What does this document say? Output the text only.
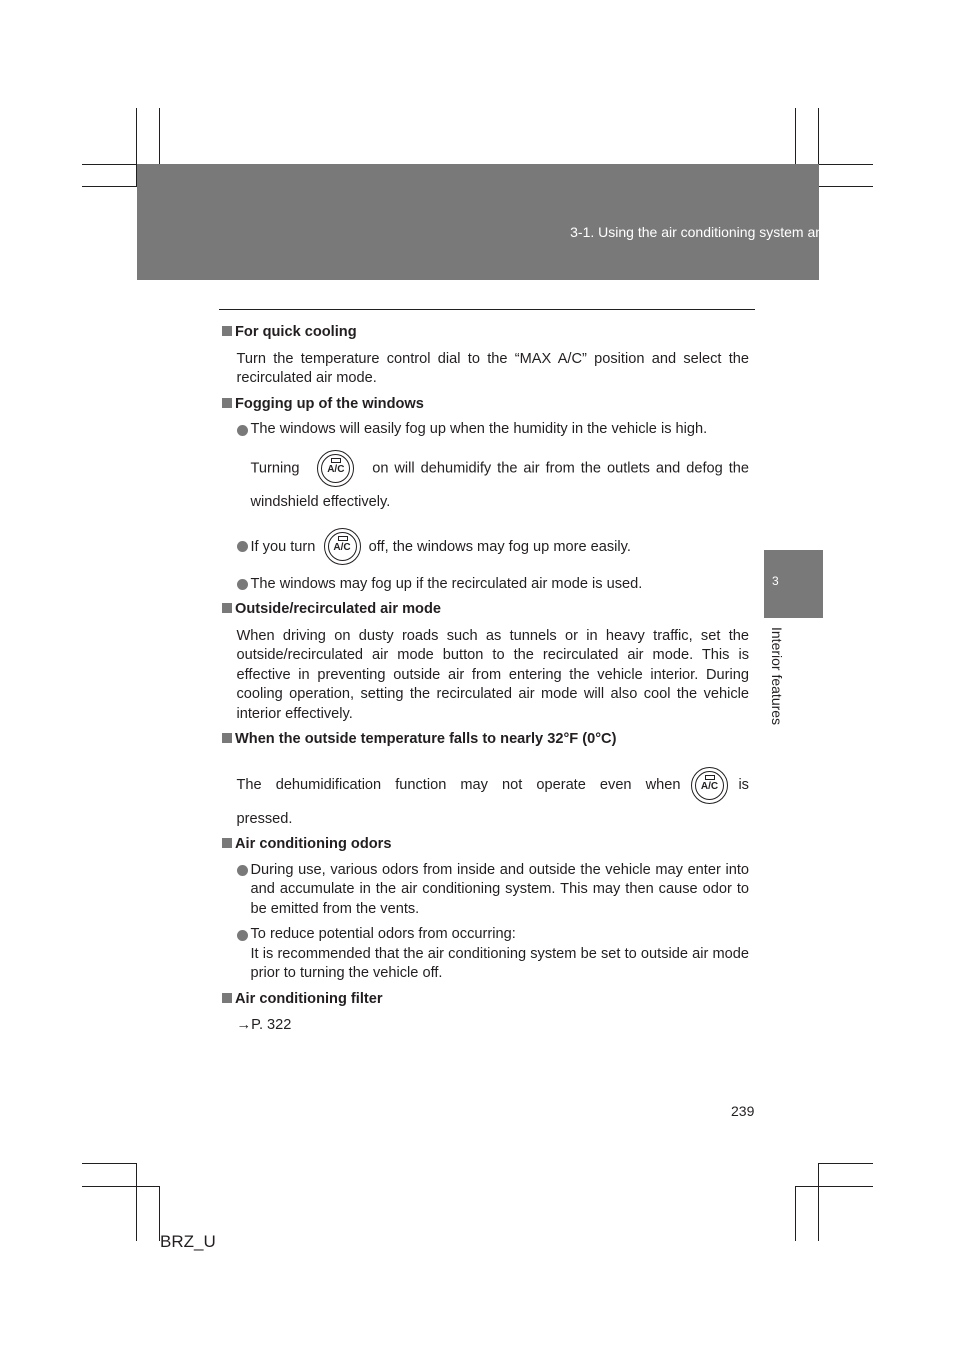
3-1. Using the air conditioning system and defogger
3
Interior features

For quick cooling

Turn the temperature control dial to the “MAX A/C” position and select the recirculated air mode.

Fogging up of the windows

The windows will easily fog up when the humidity in the vehicle is high.
Turning	A/C	on will dehumidify the air from the outlets and defog the windshield effectively.
If you turn	A/C	off, the windows may fog up more easily.
The windows may fog up if the recirculated air mode is used.

Outside/recirculated air mode

When driving on dusty roads such as tunnels or in heavy traffic, set the outside/recirculated air mode button to the recirculated air mode. This is effective in preventing outside air from entering the vehicle interior. During cooling operation, setting the recirculated air mode will also cool the vehicle interior effectively.

When the outside temperature falls to nearly 32°F (0°C)

The dehumidification function may not operate even when	A/C	is

pressed.

Air conditioning odors

During use, various odors from inside and outside the vehicle may enter into and accumulate in the air conditioning system. This may then cause odor to be emitted from the vents.
To reduce potential odors from occurring:

It is recommended that the air conditioning system be set to outside air mode prior to turning the vehicle off.

Air conditioning filter

→P. 322

239
BRZ_U
